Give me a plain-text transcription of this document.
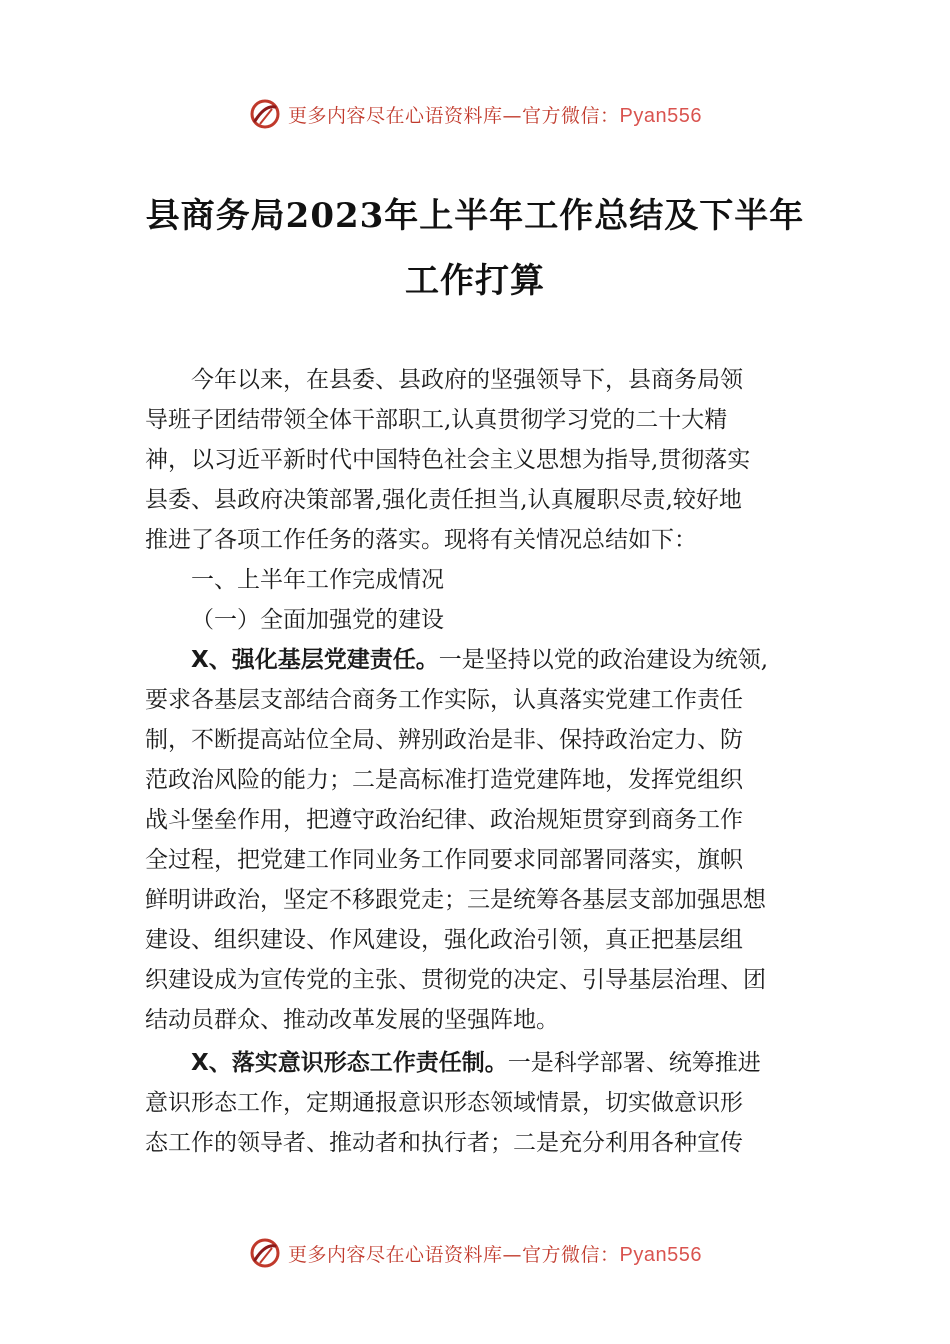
更多内容尽在心语资料库—官方微信：Pyan556
县商务局2023年上半年工作总结及下半年
工作打算
　　今年以来，在县委、县政府的坚强领导下，县商务局领
导班子团结带领全体干部职工,认真贯彻学习党的二十大精
神，以习近平新时代中国特色社会主义思想为指导,贯彻落实
县委、县政府决策部署,强化责任担当,认真履职尽责,较好地
推进了各项工作任务的落实。现将有关情况总结如下：
一、上半年工作完成情况
（一）全面加强党的建设
X、强化基层党建责任。一是坚持以党的政治建设为统领,
要求各基层支部结合商务工作实际，认真落实党建工作责任
制，不断提高站位全局、辨别政治是非、保持政治定力、防
范政治风险的能力；二是高标准打造党建阵地，发挥党组织
战斗堡垒作用，把遵守政治纪律、政治规矩贯穿到商务工作
全过程，把党建工作同业务工作同要求同部署同落实，旗帜
鲜明讲政治，坚定不移跟党走；三是统筹各基层支部加强思想
建设、组织建设、作风建设，强化政治引领，真正把基层组
织建设成为宣传党的主张、贯彻党的决定、引导基层治理、团
结动员群众、推动改革发展的坚强阵地。
X、落实意识形态工作责任制。一是科学部署、统筹推进
意识形态工作，定期通报意识形态领域情景，切实做意识形
态工作的领导者、推动者和执行者；二是充分利用各种宣传
更多内容尽在心语资料库—官方微信：Pyan556
